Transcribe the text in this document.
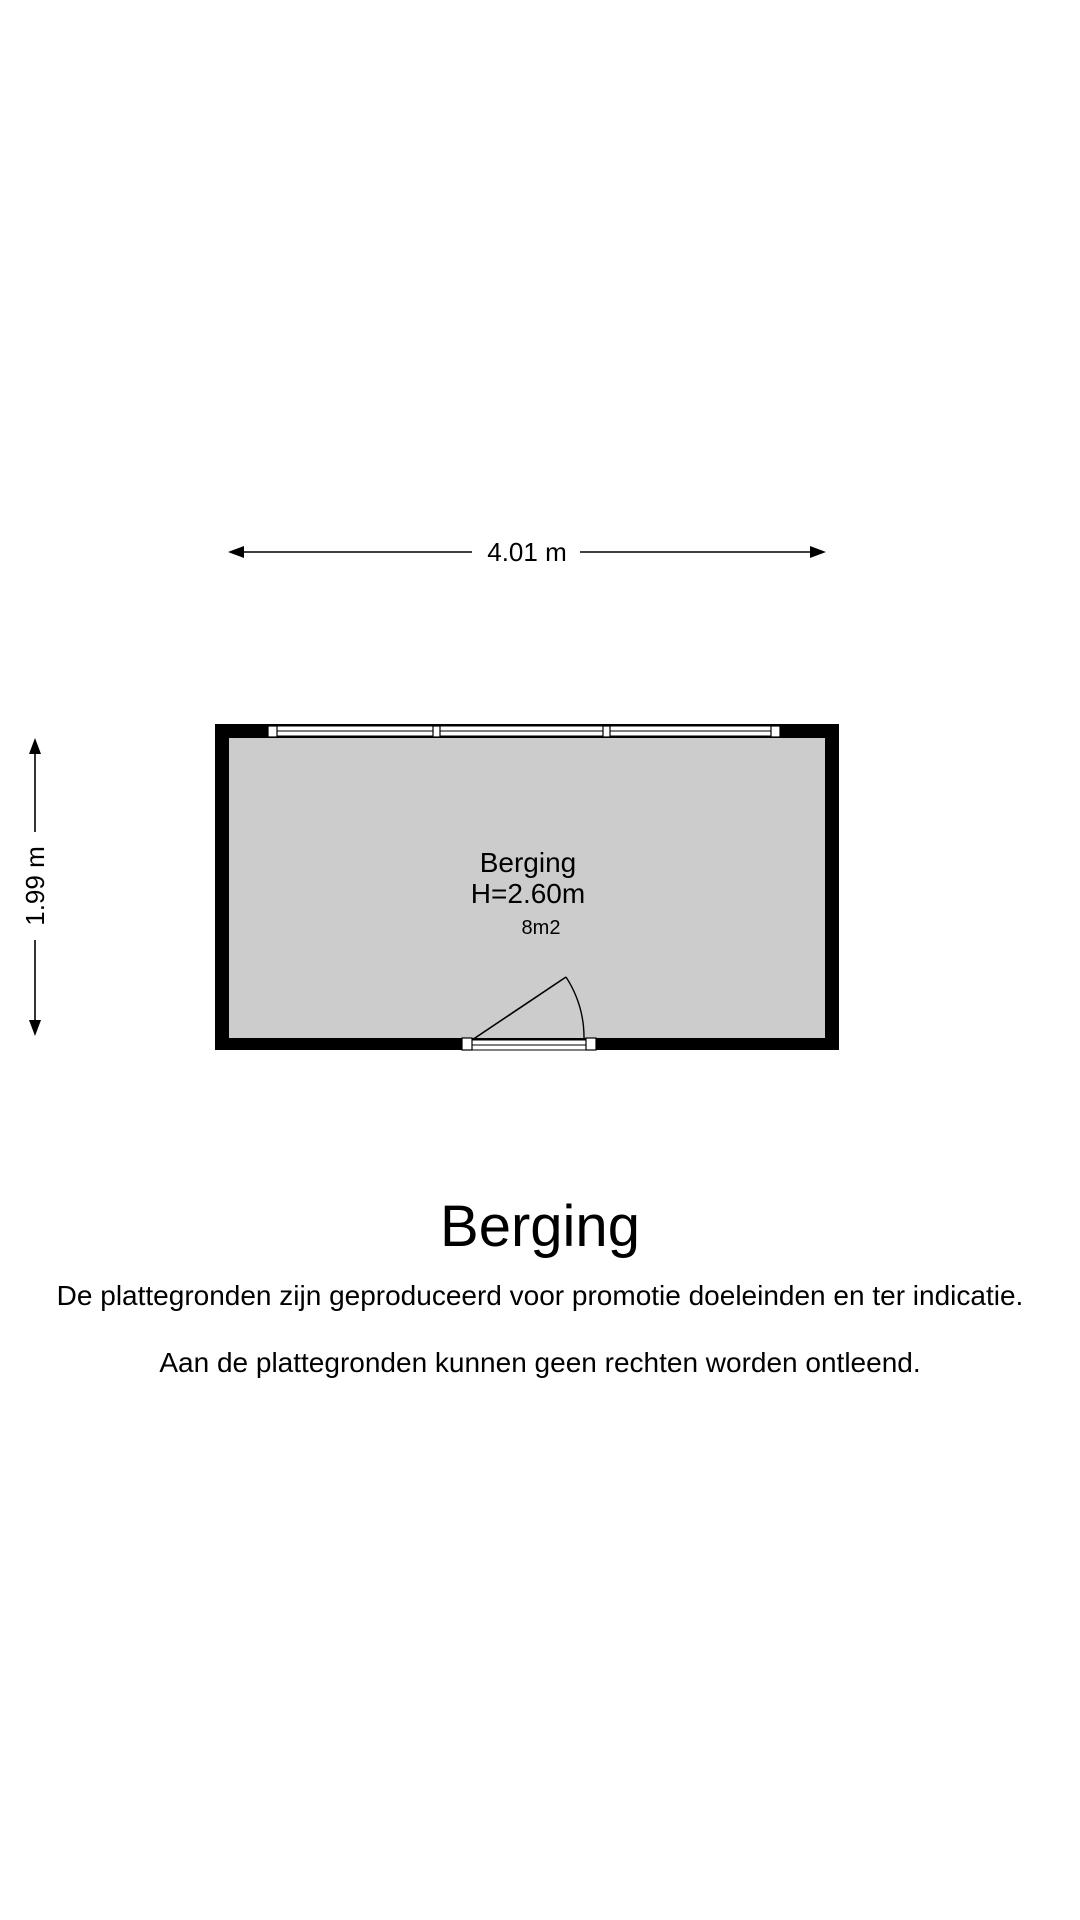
4.01 m
1.99 m	Berging
H=2.60m
8m2
Berging
De plattegronden zijn geproduceerd voor promotie doeleinden en ter indicatie.
Aan de plattegronden kunnen geen rechten worden ontleend.
